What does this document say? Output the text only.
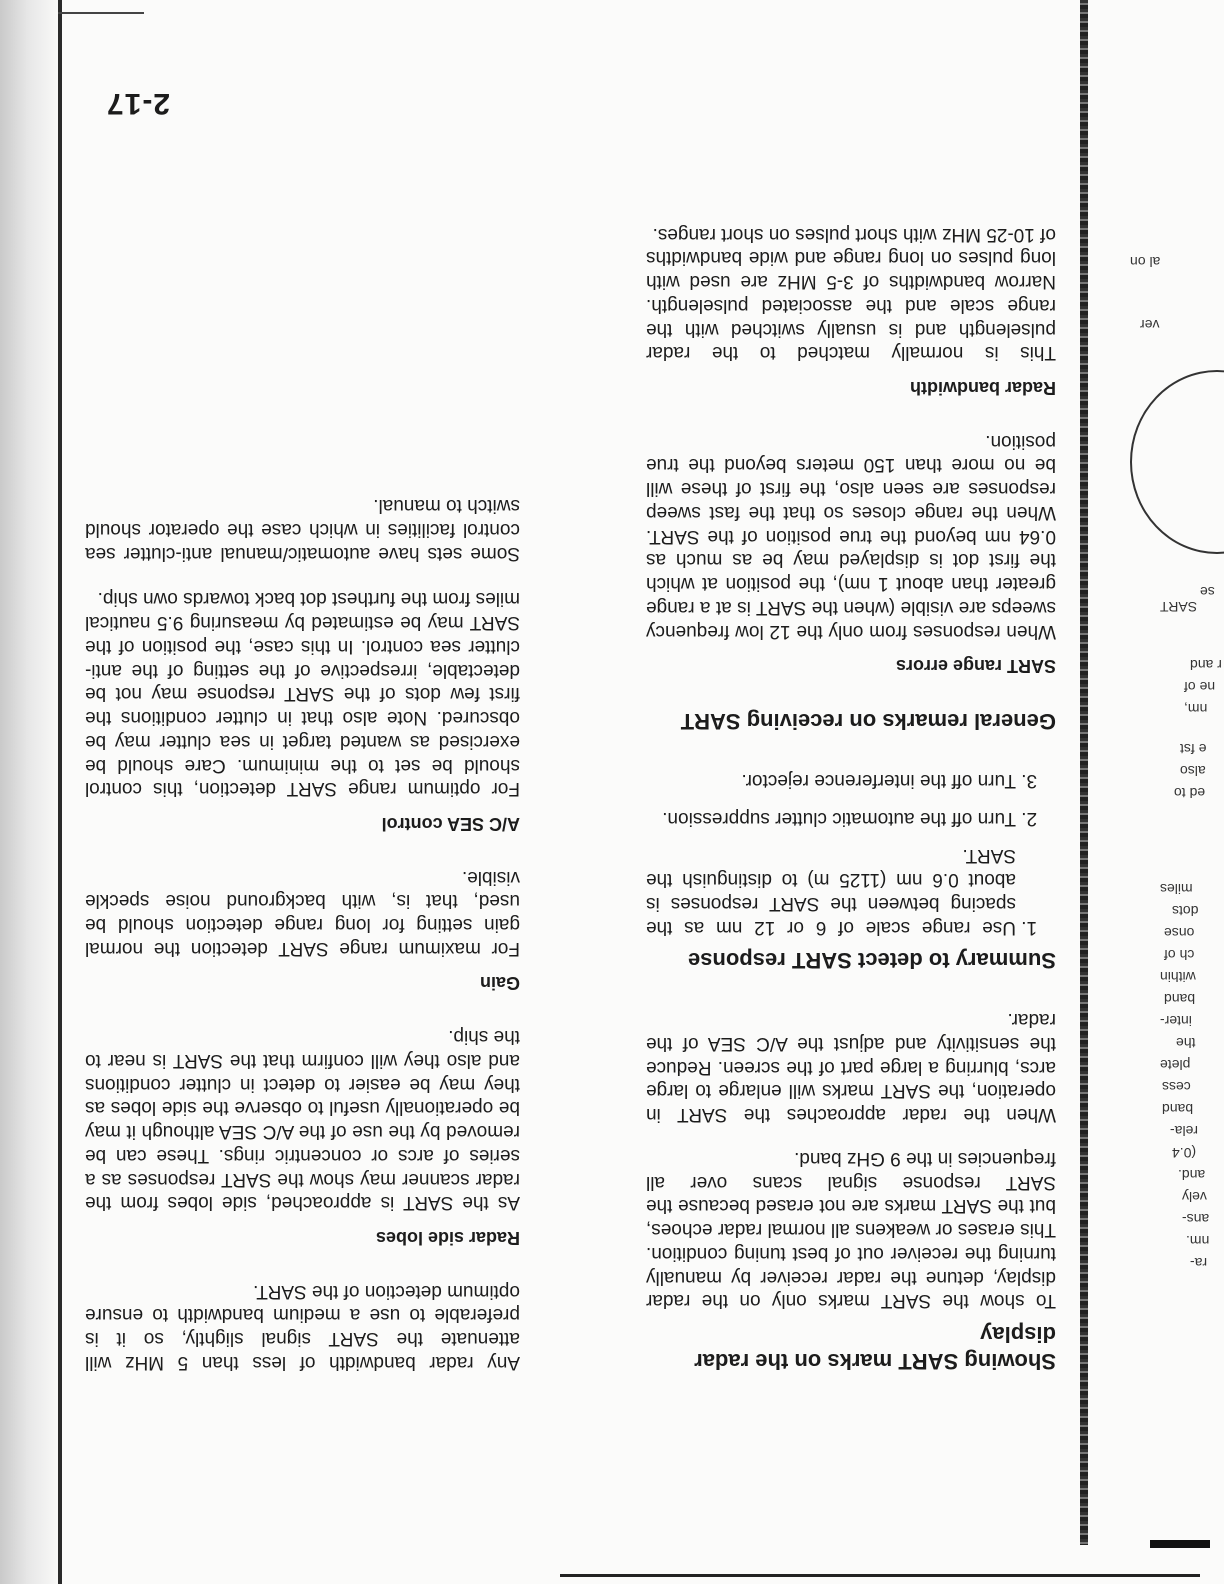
al on
ver
SART
se
r and
ne of
nm,
e fst
also
ed to
miles
dots
onse
ch of
within
band
inter-
the
plete
cess
band
rela-
(0.4
and.
vely
ans-
nm.
ra-
2-17
Showing SART marks on the radar display

To show the SART marks only on the radar display, detune the radar receiver by manually turning the receiver out of best tuning condition. This erases or weakens all normal radar echoes, but the SART marks are not erased because the SART response signal scans over all frequencies in the 9 GHz band.

When the radar approaches the SART in operation, the SART marks will enlarge to large arcs, blurring a large part of the screen. Reduce the sensitivity and adjust the A/C SEA of the radar.

Summary to detect SART response
1. Use range scale of 6 or 12 nm as the spacing between the SART responses is about 0.6 nm (1125 m) to distinguish the SART.
2. Turn off the automatic clutter suppression.
3. Turn off the interference rejector.
General remarks on receiving SART
SART range errors

When responses from only the 12 low frequency sweeps are visible (when the SART is at a range greater than about 1 nm), the position at which the first dot is displayed may be as much as 0.64 nm beyond the true position of the SART. When the range closes so that the fast sweep responses are seen also, the first of these will be no more than 150 meters beyond the true position.

Radar bandwidth

This is normally matched to the radar pulselength and is usually switched with the range scale and the associated pulselength. Narrow bandwidths of 3-5 MHz are used with long pulses on long range and wide bandwidths of 10-25 MHz with short pulses on short ranges.

Any radar bandwidth of less than 5 MHz will attenuate the SART signal slightly, so it is preferable to use a medium bandwidth to ensure optimum detection of the SART.

Radar side lobes

As the SART is approached, side lobes from the radar scanner may show the SART responses as a series of arcs or concentric rings. These can be removed by the use of the A/C SEA although it may be operationally useful to observe the side lobes as they may be easier to detect in clutter conditions and also they will confirm that the SART is near to the ship.

Gain

For maximum range SART detection the normal gain setting for long range detection should be used, that is, with background noise speckle visible.

A/C SEA control

For optimum range SART detection, this control should be set to the minimum. Care should be exercised as wanted target in sea clutter may be obscured. Note also that in clutter conditions the first few dots of the SART response may not be detectable, irrespective of the setting of the anti-clutter sea control. In this case, the position of the SART may be estimated by measuring 9.5 nautical miles from the furthest dot back towards own ship.

Some sets have automatic/manual anti-clutter sea control facilities in which case the operator should switch to manual.
